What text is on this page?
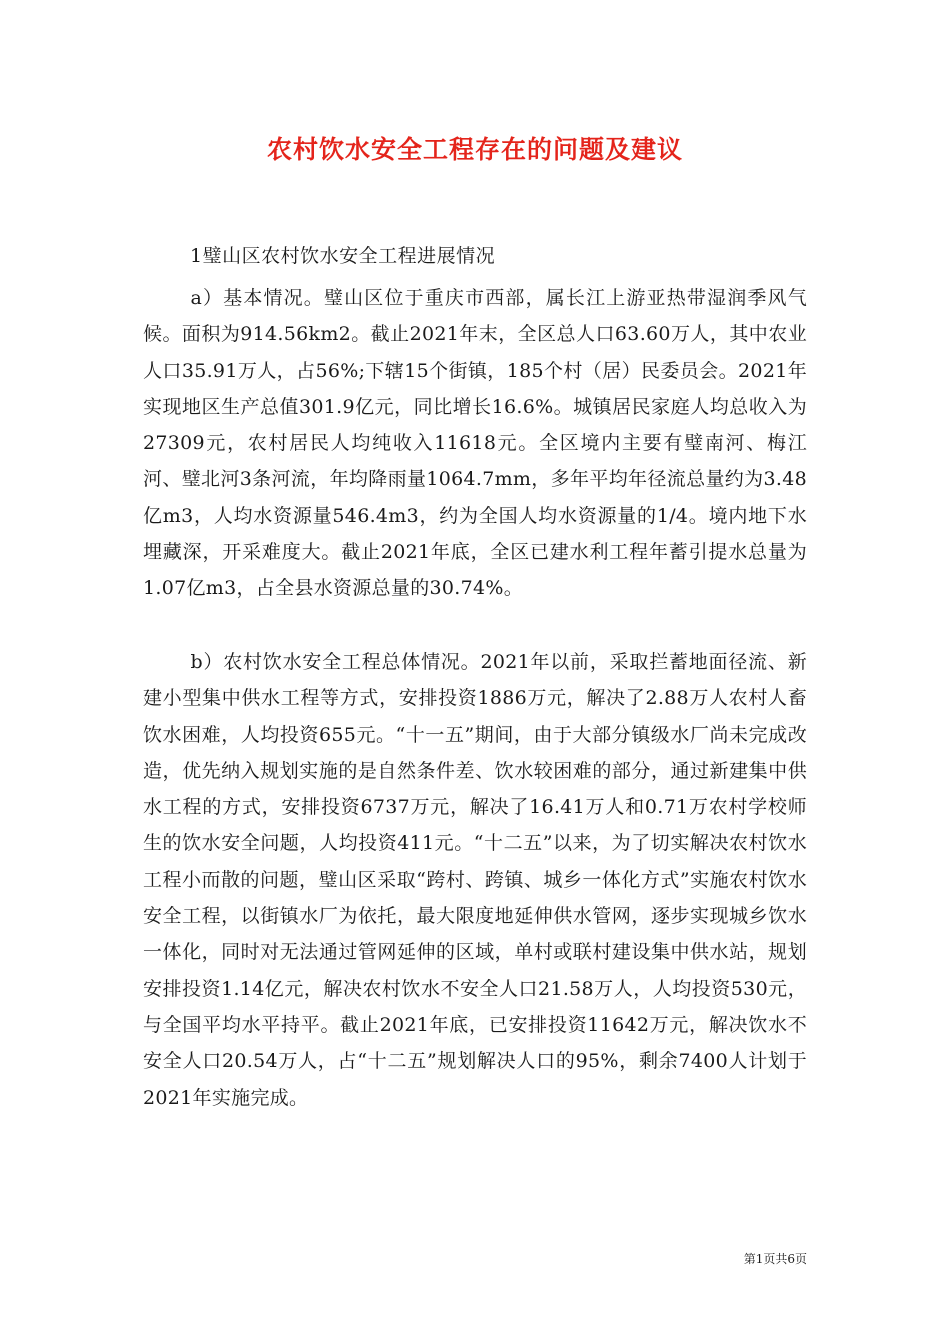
农村饮水安全工程存在的问题及建议
1璧山区农村饮水安全工程进展情况

a）基本情况。璧山区位于重庆市西部，属长江上游亚热带湿润季风气候。面积为914.56km2。截止2021年末，全区总人口63.60万人，其中农业人口35.91万人，占56%;下辖15个街镇，185个村（居）民委员会。2021年实现地区生产总值301.9亿元，同比增长16.6%。城镇居民家庭人均总收入为27309元，农村居民人均纯收入11618元。全区境内主要有璧南河、梅江河、璧北河3条河流，年均降雨量1064.7mm，多年平均年径流总量约为3.48亿m3，人均水资源量546.4m3，约为全国人均水资源量的1/4。境内地下水埋藏深，开采难度大。截止2021年底，全区已建水利工程年蓄引提水总量为1.07亿m3，占全县水资源总量的30.74%。

b）农村饮水安全工程总体情况。2021年以前，采取拦蓄地面径流、新建小型集中供水工程等方式，安排投资1886万元，解决了2.88万人农村人畜饮水困难，人均投资655元。“十一五”期间，由于大部分镇级水厂尚未完成改造，优先纳入规划实施的是自然条件差、饮水较困难的部分，通过新建集中供水工程的方式，安排投资6737万元，解决了16.41万人和0.71万农村学校师生的饮水安全问题，人均投资411元。“十二五”以来，为了切实解决农村饮水工程小而散的问题，璧山区采取“跨村、跨镇、城乡一体化方式”实施农村饮水安全工程，以街镇水厂为依托，最大限度地延伸供水管网，逐步实现城乡饮水一体化，同时对无法通过管网延伸的区域，单村或联村建设集中供水站，规划安排投资1.14亿元，解决农村饮水不安全人口21.58万人，人均投资530元，与全国平均水平持平。截止2021年底，已安排投资11642万元，解决饮水不安全人口20.54万人，占“十二五”规划解决人口的95%，剩余7400人计划于2021年实施完成。

第1页共6页
